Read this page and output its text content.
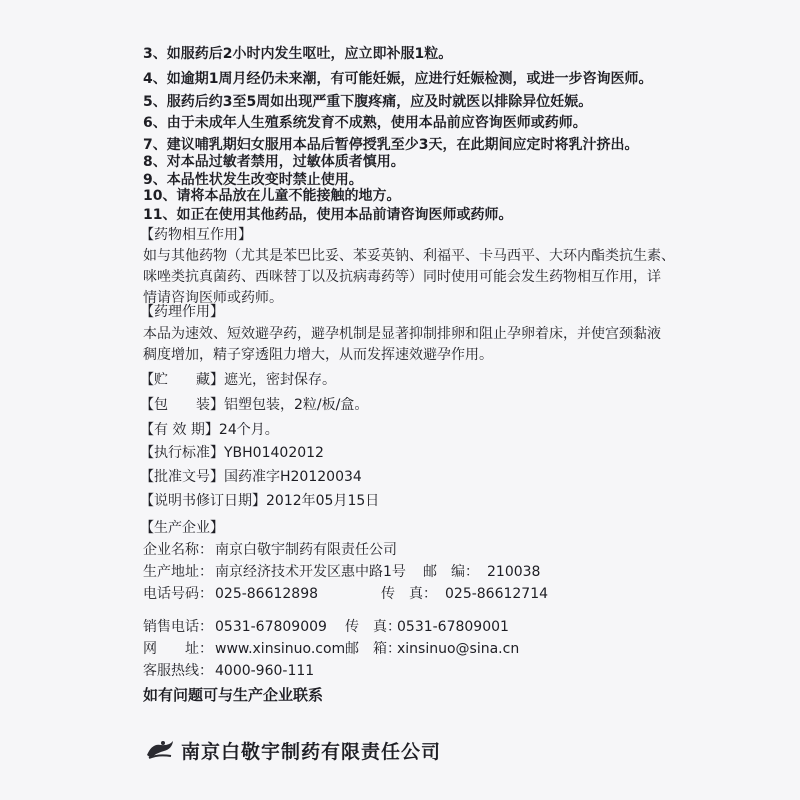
3、如服药后2小时内发生呕吐，应立即补服1粒。
4、如逾期1周月经仍未来潮，有可能妊娠，应进行妊娠检测，或进一步咨询医师。
5、服药后约3至5周如出现严重下腹疼痛，应及时就医以排除异位妊娠。
6、由于未成年人生殖系统发育不成熟，使用本品前应咨询医师或药师。
7、建议哺乳期妇女服用本品后暂停授乳至少3天，在此期间应定时将乳汁挤出。
8、对本品过敏者禁用，过敏体质者慎用。
9、本品性状发生改变时禁止使用。
10、请将本品放在儿童不能接触的地方。
11、如正在使用其他药品，使用本品前请咨询医师或药师。
【药物相互作用】
如与其他药物（尤其是苯巴比妥、苯妥英钠、利福平、卡马西平、大环内酯类抗生素、
咪唑类抗真菌药、西咪替丁以及抗病毒药等）同时使用可能会发生药物相互作用，详
情请咨询医师或药师。
【药理作用】
本品为速效、短效避孕药，避孕机制是显著抑制排卵和阻止孕卵着床，并使宫颈黏液
稠度增加，精子穿透阻力增大，从而发挥速效避孕作用。
【贮　　藏】遮光，密封保存。
【包　　装】铝塑包装，2粒/板/盒。
【有 效 期】24个月。
【执行标准】YBH01402012
【批准文号】国药准字H20120034
【说明书修订日期】2012年05月15日
【生产企业】
企业名称： 南京白敬宇制药有限责任公司
生产地址： 南京经济技术开发区惠中路1号 邮　编： 210038
电话号码： 025-86612898	传　真： 025-86612714
销售电话： 0531-67809009 传　真：0531-67809001
如有问题可与生产企业联系
南京白敬宇制药有限责任公司
网　　址： www.xinsinuo.com邮　箱：xinsinuo@sina.cn
客服热线： 4000-960-111
